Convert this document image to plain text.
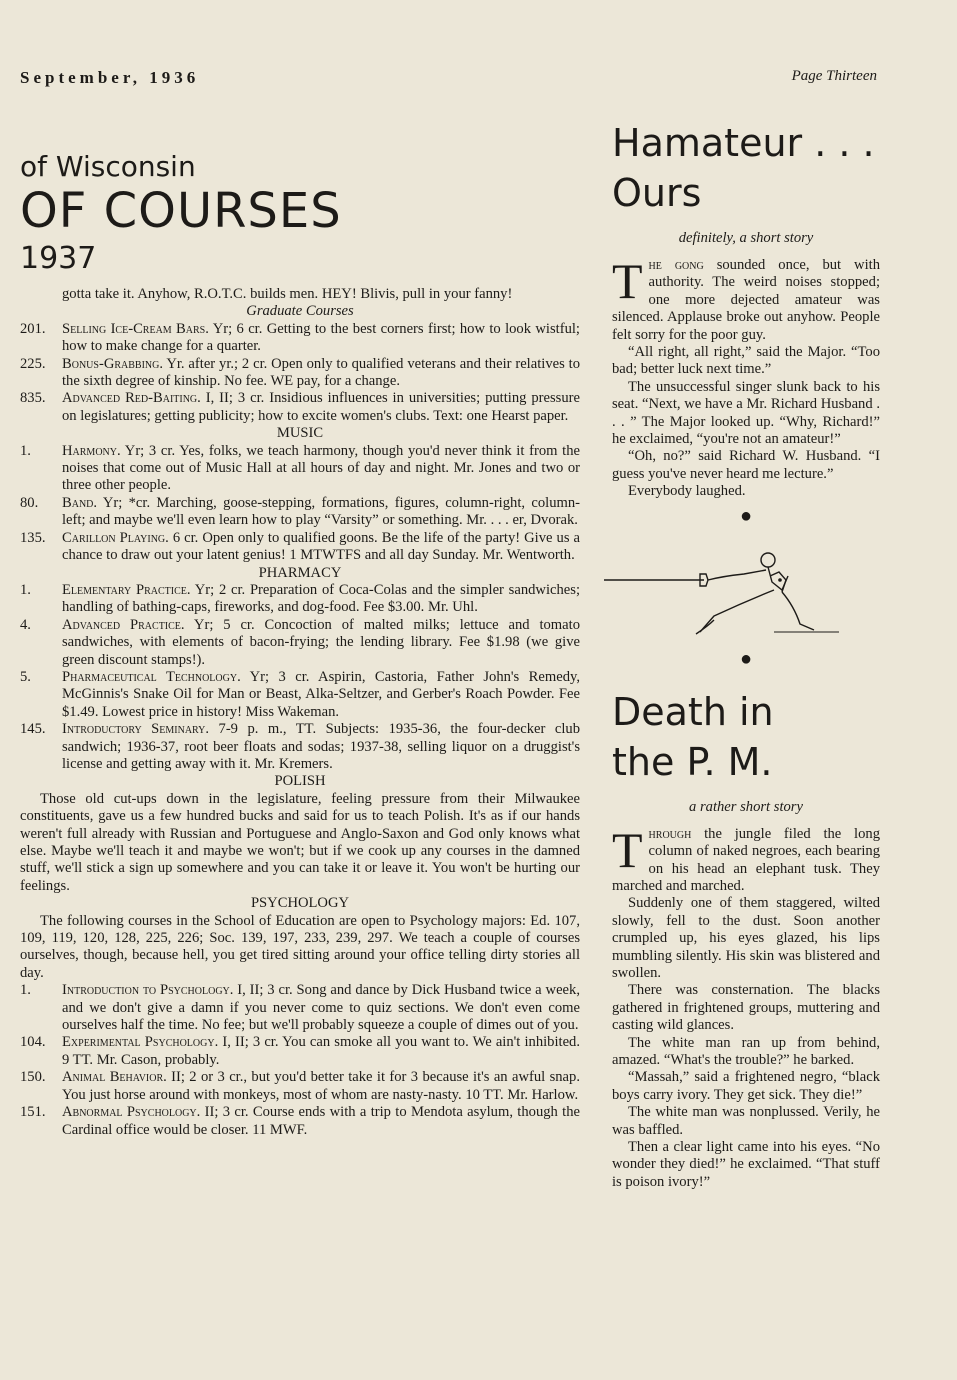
September, 1936	Page Thirteen

of Wisconsin

OF COURSES

1937

gotta take it. Anyhow, R.O.T.C. builds men. HEY! Blivis, pull in your fanny!

Graduate Courses

201.	Selling Ice-Cream Bars. Yr; 6 cr. Getting to the best corners first; how to look wistful; how to make change for a quarter.
225.	Bonus-Grabbing. Yr. after yr.; 2 cr. Open only to qualified veterans and their relatives to the sixth degree of kinship. No fee. WE pay, for a change.
835.	Advanced Red-Baiting. I, II; 3 cr. Insidious influences in universities; putting pressure on legislatures; getting publicity; how to excite women's clubs. Text: one Hearst paper.

MUSIC

1.	Harmony. Yr; 3 cr. Yes, folks, we teach harmony, though you'd never think it from the noises that come out of Music Hall at all hours of day and night. Mr. Jones and two or three other people.
80.	Band. Yr; *cr. Marching, goose-stepping, formations, figures, column-right, column-left; and maybe we'll even learn how to play “Varsity” or something. Mr. . . . er, Dvorak.
135.	Carillon Playing. 6 cr. Open only to qualified goons. Be the life of the party! Give us a chance to draw out your latent genius! 1 MTWTFS and all day Sunday. Mr. Wentworth.

PHARMACY

1.	Elementary Practice. Yr; 2 cr. Preparation of Coca-Colas and the simpler sandwiches; handling of bathing-caps, fireworks, and dog-food. Fee $3.00. Mr. Uhl.
4.	Advanced Practice. Yr; 5 cr. Concoction of malted milks; lettuce and tomato sandwiches, with elements of bacon-frying; the lending library. Fee $1.98 (we give green discount stamps!).
5.	Pharmaceutical Technology. Yr; 3 cr. Aspirin, Castoria, Father John's Remedy, McGinnis's Snake Oil for Man or Beast, Alka-Seltzer, and Gerber's Roach Powder. Fee $1.49. Lowest price in history! Miss Wakeman.
145.	Introductory Seminary. 7-9 p. m., TT. Subjects: 1935-36, the four-decker club sandwich; 1936-37, root beer floats and sodas; 1937-38, selling liquor on a druggist's license and getting away with it. Mr. Kremers.

POLISH

Those old cut-ups down in the legislature, feeling pressure from their Milwaukee constituents, gave us a few hundred bucks and said for us to teach Polish. It's as if our hands weren't full already with Russian and Portuguese and Anglo-Saxon and God only knows what else. Maybe we'll teach it and maybe we won't; but if we cook up any courses in the damned stuff, we'll stick a sign up somewhere and you can take it or leave it. You won't be hurting our feelings.

PSYCHOLOGY

The following courses in the School of Education are open to Psychology majors: Ed. 107, 109, 119, 120, 128, 225, 226; Soc. 139, 197, 233, 239, 297. We teach a couple of courses ourselves, though, because hell, you get tired sitting around your office telling dirty stories all day.

1.	Introduction to Psychology. I, II; 3 cr. Song and dance by Dick Husband twice a week, and we don't give a damn if you never come to quiz sections. We don't even come ourselves half the time. No fee; but we'll probably squeeze a couple of dimes out of you.
104.	Experimental Psychology. I, II; 3 cr. You can smoke all you want to. We ain't inhibited. 9 TT. Mr. Cason, probably.
150.	Animal Behavior. II; 2 or 3 cr., but you'd better take it for 3 because it's an awful snap. You just horse around with monkeys, most of whom are nasty-nasty. 10 TT. Mr. Harlow.
151.	Abnormal Psychology. II; 3 cr. Course ends with a trip to Mendota asylum, though the Cardinal office would be closer. 11 MWF.

Hamateur . . .

Ours

definitely, a short story

The gong sounded once, but with authority. The weird noises stopped; one more dejected amateur was silenced. Applause broke out anyhow. People felt sorry for the poor guy.

“All right, all right,” said the Major. “Too bad; better luck next time.”

The unsuccessful singer slunk back to his seat. “Next, we have a Mr. Richard Husband . . . ” The Major looked up. “Why, Richard!” he exclaimed, “you're not an amateur!”

“Oh, no?” said Richard W. Husband. “I guess you've never heard me lecture.”

Everybody laughed.

●
●

Death in

the P. M.

a rather short story

Through the jungle filed the long column of naked negroes, each bearing on his head an elephant tusk. They marched and marched.

Suddenly one of them staggered, wilted slowly, fell to the dust. Soon another crumpled up, his eyes glazed, his lips mumbling silently. His skin was blistered and swollen.

There was consternation. The blacks gathered in frightened groups, muttering and casting wild glances.

The white man ran up from behind, amazed. “What's the trouble?” he barked.

“Massah,” said a frightened negro, “black boys carry ivory. They get sick. They die!”

The white man was nonplussed. Verily, he was baffled.

Then a clear light came into his eyes. “No wonder they died!” he exclaimed. “That stuff is poison ivory!”
